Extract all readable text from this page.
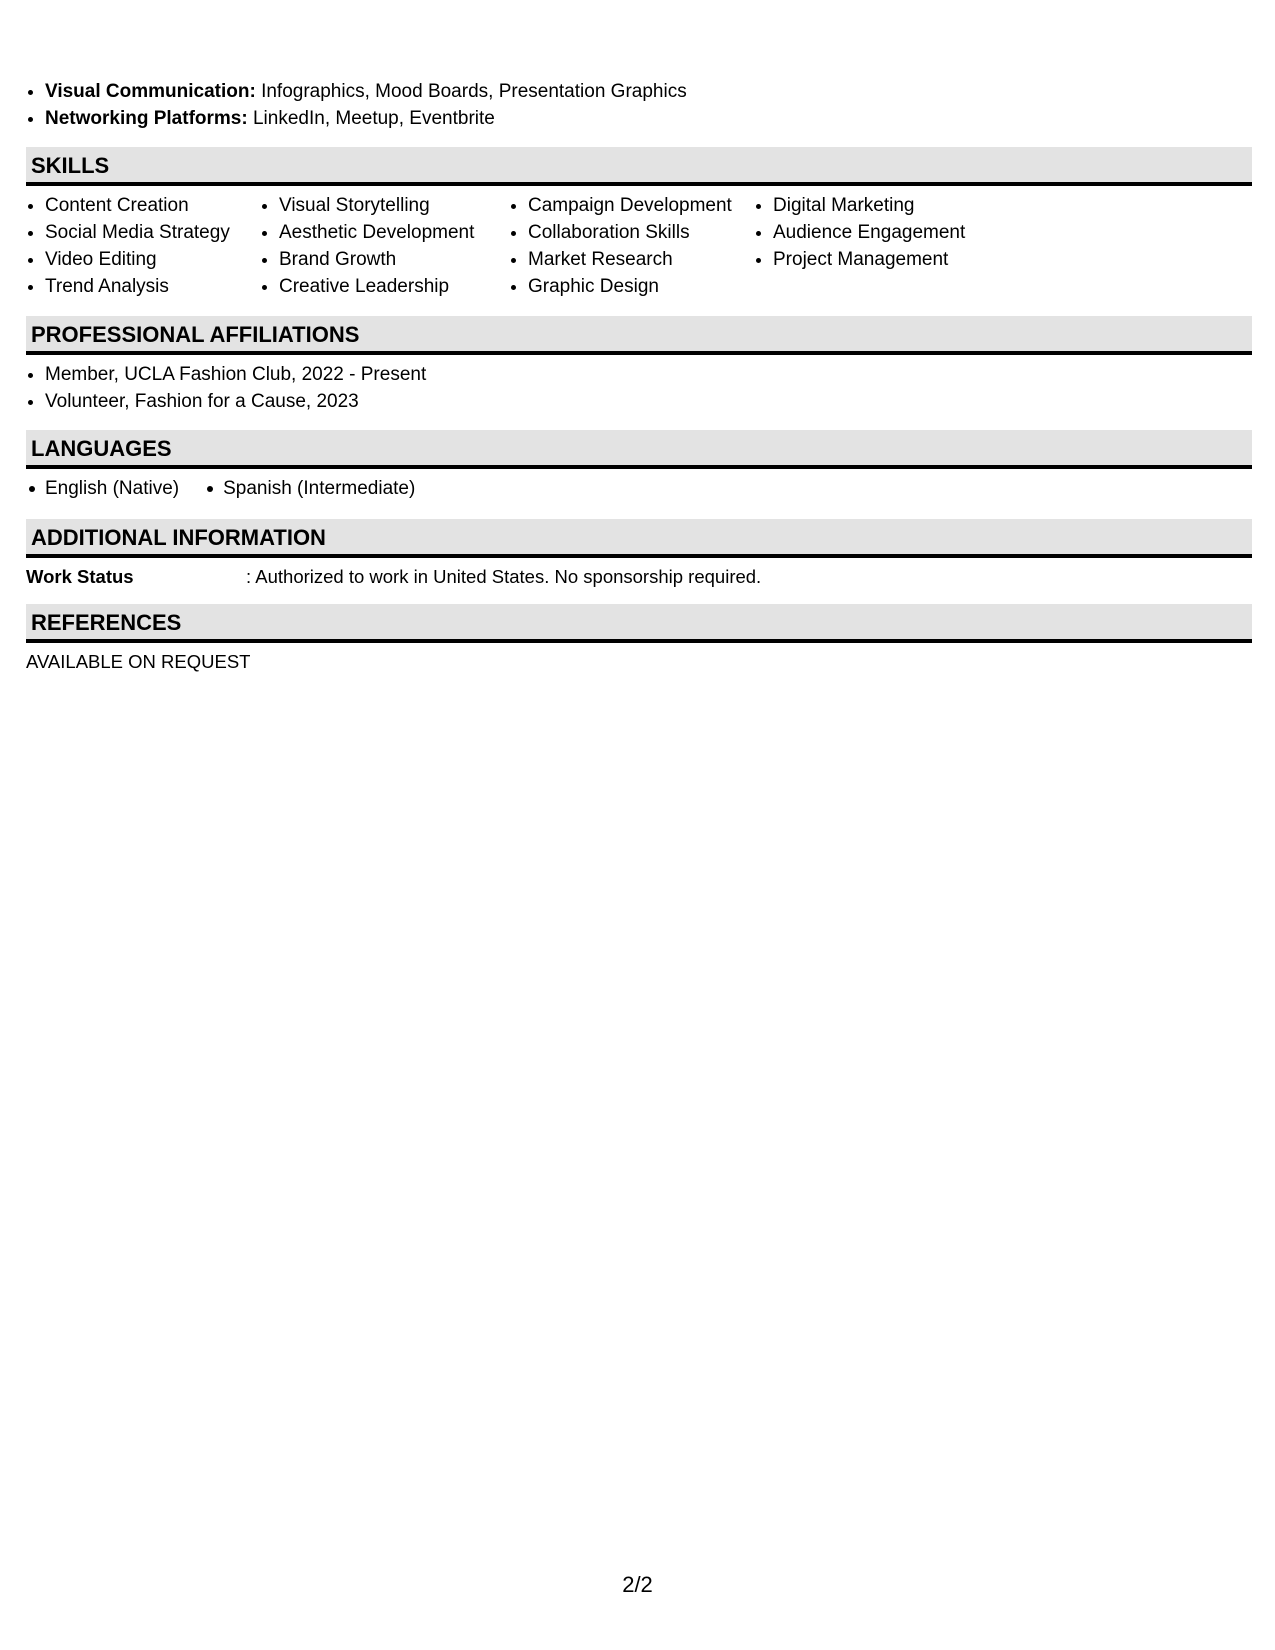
• Visual Communication: Infographics, Mood Boards, Presentation Graphics
• Networking Platforms: LinkedIn, Meetup, Eventbrite
SKILLS
• Content Creation
• Social Media Strategy
• Video Editing
• Trend Analysis
• Visual Storytelling
• Aesthetic Development
• Brand Growth
• Creative Leadership
• Campaign Development
• Collaboration Skills
• Market Research
• Graphic Design
• Digital Marketing
• Audience Engagement
• Project Management
PROFESSIONAL AFFILIATIONS
• Member, UCLA Fashion Club, 2022 - Present
• Volunteer, Fashion for a Cause, 2023
LANGUAGES
English (Native)	Spanish (Intermediate)
ADDITIONAL INFORMATION
Work Status	: Authorized to work in United States. No sponsorship required.
REFERENCES
AVAILABLE ON REQUEST
2/2
